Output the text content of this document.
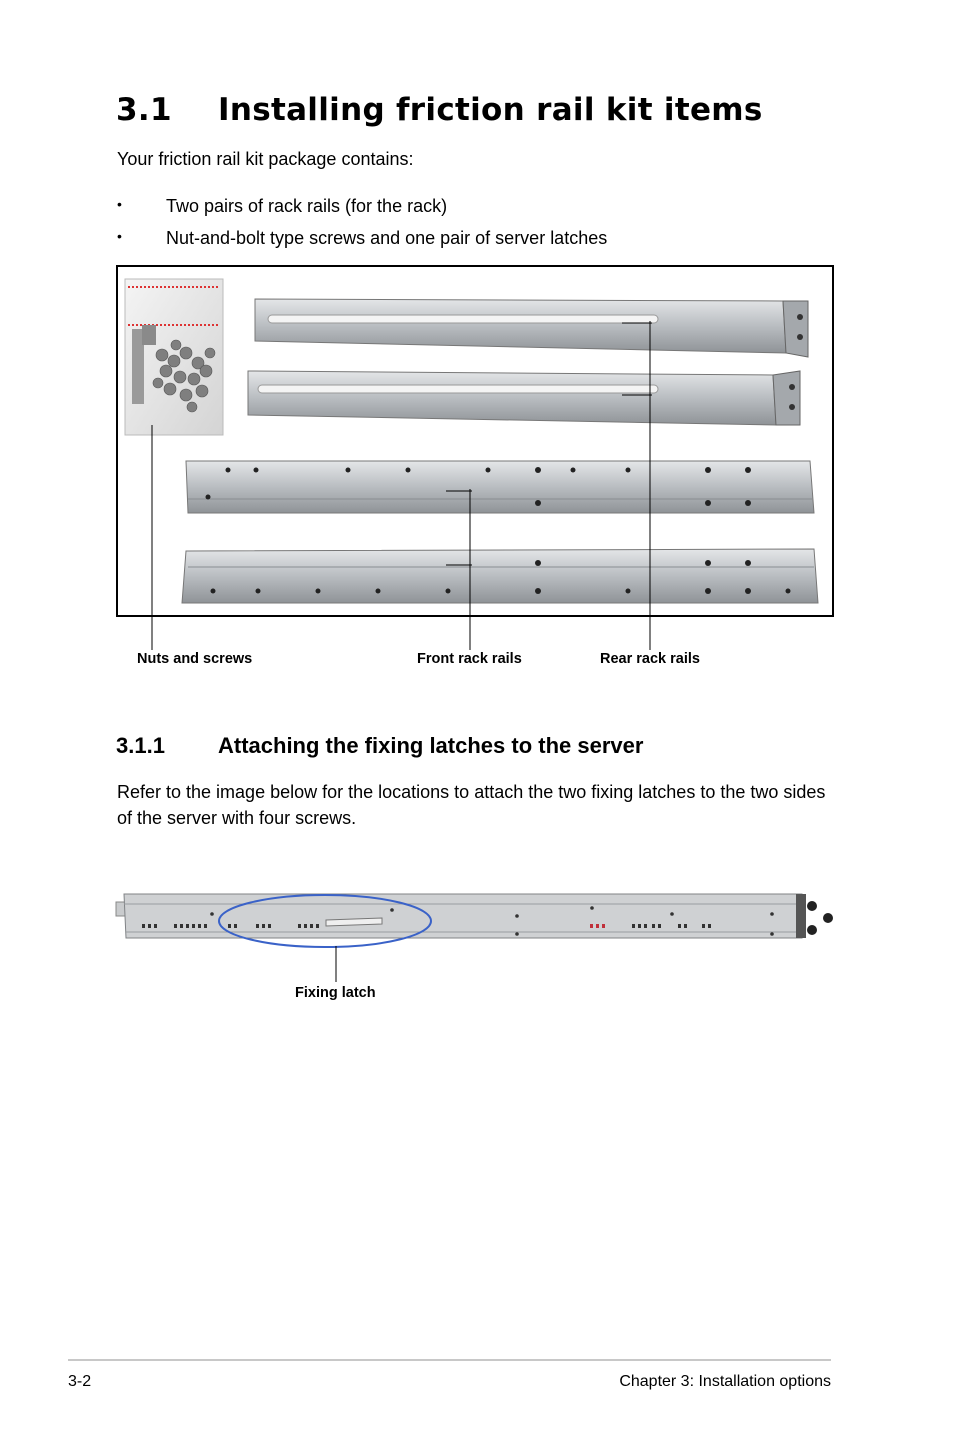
3.1 Installing friction rail kit items
Your friction rail kit package contains:
• Two pairs of rack rails (for the rack)
• Nut-and-bolt type screws and one pair of server latches
Nuts and screws	Front rack rails	Rear rack rails
3.1.1 Attaching the fixing latches to the server
Refer to the image below for the locations to attach the two fixing latches to the two sides of the server with four screws.
Fixing latch
3-2	Chapter 3: Installation options
